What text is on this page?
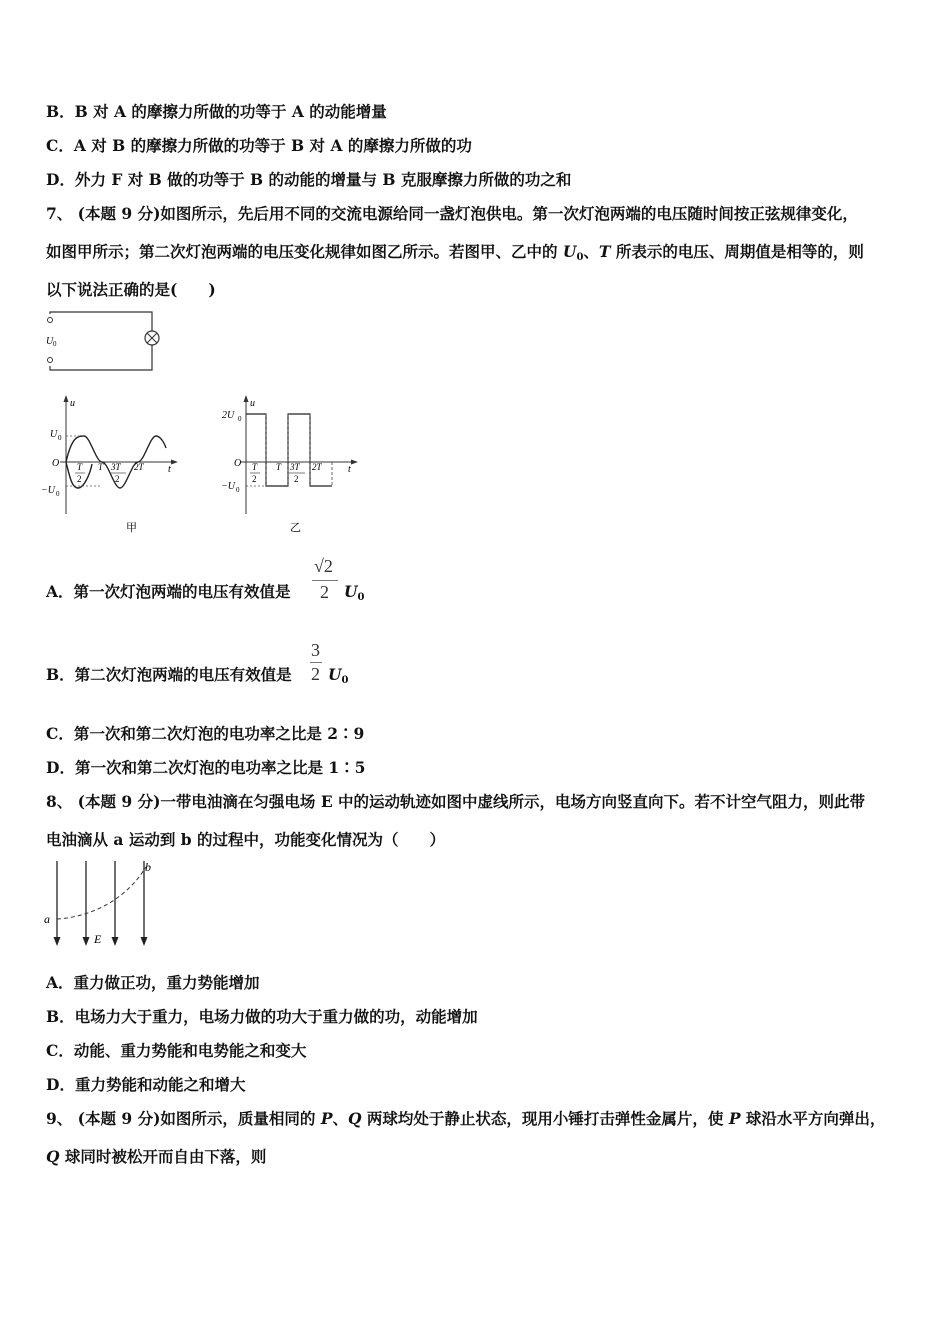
B．B 对 A 的摩擦力所做的功等于 A 的动能增量
C．A 对 B 的摩擦力所做的功等于 B 对 A 的摩擦力所做的功
D．外力 F 对 B 做的功等于 B 的动能的增量与 B 克服摩擦力所做的功之和
7、 (本题 9 分)如图所示，先后用不同的交流电源给同一盏灯泡供电。第一次灯泡两端的电压随时间按正弦规律变化，
如图甲所示；第二次灯泡两端的电压变化规律如图乙所示。若图甲、乙中的 $U_0$、T 所表示的电压、周期值是相等的，则
以下说法正确的是(　　)
U 0
u
t
O
U 0
−U 0
T
2
T 3T
2
2T
甲
u
t
O
2U 0
−U 0
T
2
T 3T
2
2T
乙
A．第一次灯泡两端的电压有效值是
√2
2 $U_0$
B．第二次灯泡两端的电压有效值是
3
2 $U_0$
C．第一次和第二次灯泡的电功率之比是 2∶9
D．第一次和第二次灯泡的电功率之比是 1∶5
8、 (本题 9 分)一带电油滴在匀强电场 E 中的运动轨迹如图中虚线所示，电场方向竖直向下。若不计空气阻力，则此带
电油滴从 a 运动到 b 的过程中，功能变化情况为（　　）
a
b
E
A．重力做正功，重力势能增加
B．电场力大于重力，电场力做的功大于重力做的功，动能增加
C．动能、重力势能和电势能之和变大
D．重力势能和动能之和增大
9、 (本题 9 分)如图所示，质量相同的 P、Q 两球均处于静止状态，现用小锤打击弹性金属片，使 P 球沿水平方向弹出，
Q 球同时被松开而自由下落，则
